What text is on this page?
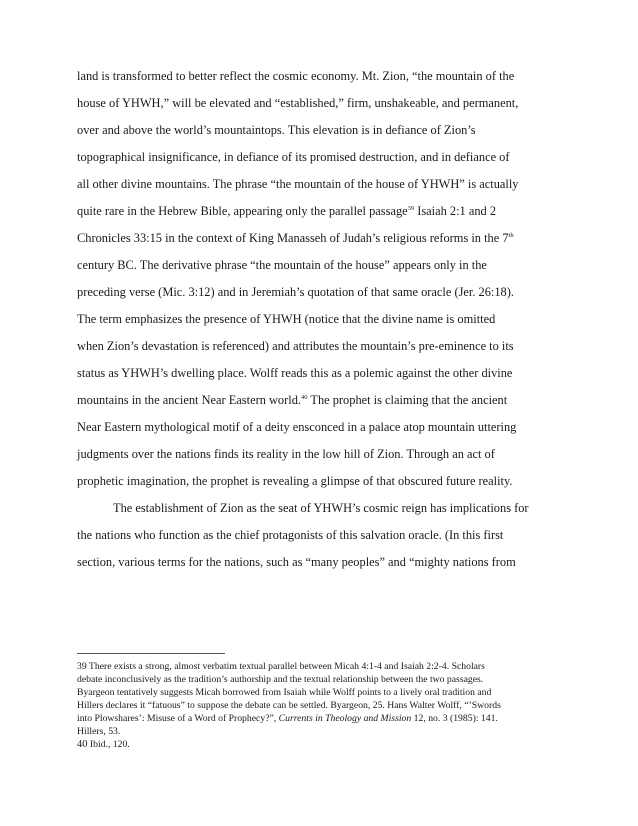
land is transformed to better reflect the cosmic economy. Mt. Zion, “the mountain of the
house of YHWH,” will be elevated and “established,” firm, unshakeable, and permanent,
over and above the world’s mountaintops. This elevation is in defiance of Zion’s
topographical insignificance, in defiance of its promised destruction, and in defiance of
all other divine mountains. The phrase “the mountain of the house of YHWH” is actually
quite rare in the Hebrew Bible, appearing only the parallel passage$^{39}$ Isaiah 2:1 and 2
Chronicles 33:15 in the context of King Manasseh of Judah’s religious reforms in the 7th
century BC. The derivative phrase “the mountain of the house” appears only in the
preceding verse (Mic. 3:12) and in Jeremiah’s quotation of that same oracle (Jer. 26:18).
The term emphasizes the presence of YHWH (notice that the divine name is omitted
when Zion’s devastation is referenced) and attributes the mountain’s pre-eminence to its
status as YHWH’s dwelling place. Wolff reads this as a polemic against the other divine
mountains in the ancient Near Eastern world.$^{40}$ The prophet is claiming that the ancient
Near Eastern mythological motif of a deity ensconced in a palace atop mountain uttering
judgments over the nations finds its reality in the low hill of Zion. Through an act of
prophetic imagination, the prophet is revealing a glimpse of that obscured future reality.
The establishment of Zion as the seat of YHWH’s cosmic reign has implications for
the nations who function as the chief protagonists of this salvation oracle. (In this first
section, various terms for the nations, such as “many peoples” and “mighty nations from
39 There exists a strong, almost verbatim textual parallel between Micah 4:1-4 and Isaiah 2:2-4. Scholars
debate inconclusively as the tradition’s authorship and the textual relationship between the two passages.
Byargeon tentatively suggests Micah borrowed from Isaiah while Wolff points to a lively oral tradition and
Hillers declares it “fatuous” to suppose the debate can be settled. Byargeon, 25. Hans Walter Wolff, “’Swords
into Plowshares’: Misuse of a Word of Prophecy?”, Currents in Theology and Mission 12, no. 3 (1985): 141.
Hillers, 53.
40 Ibid., 120.
